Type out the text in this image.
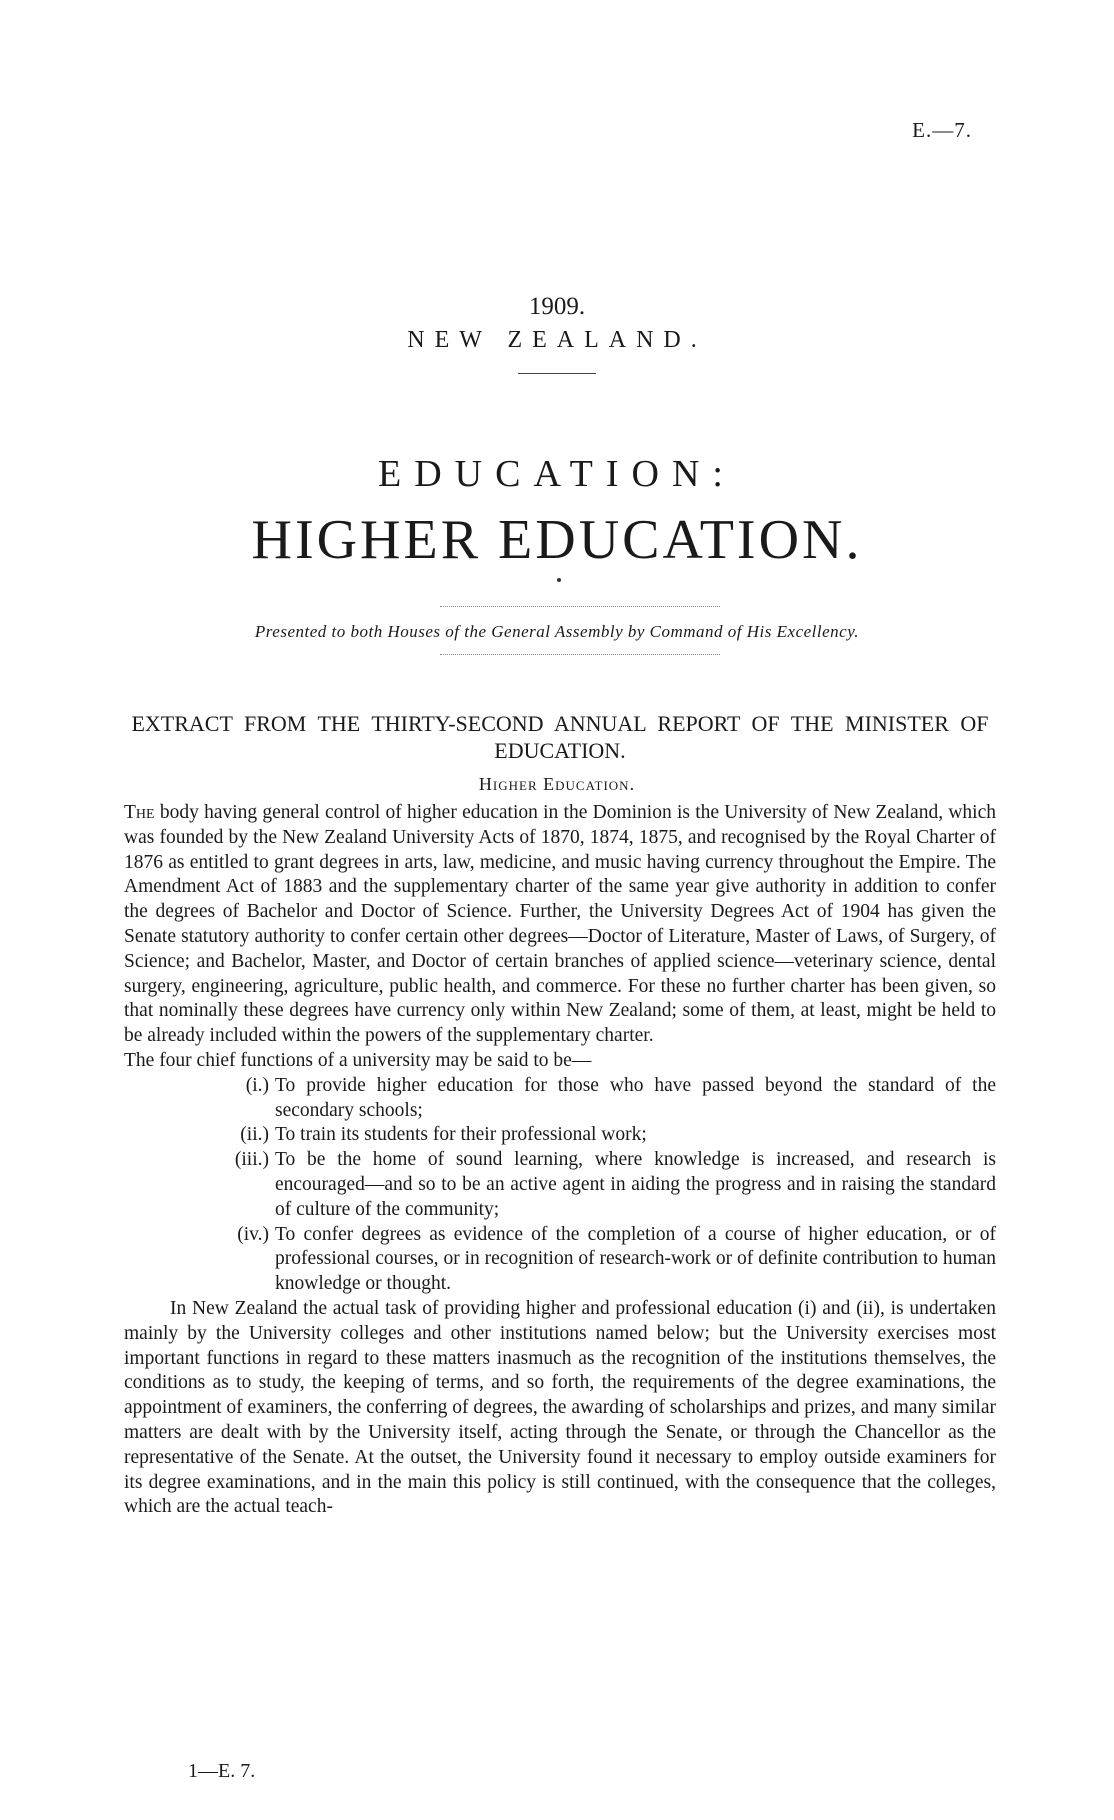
E.—7.
1909.
NEW ZEALAND.
EDUCATION:
HIGHER EDUCATION.
Presented to both Houses of the General Assembly by Command of His Excellency.
EXTRACT FROM THE THIRTY-SECOND ANNUAL REPORT OF THE MINISTER OF EDUCATION.
Higher Education.

The body having general control of higher education in the Dominion is the University of New Zealand, which was founded by the New Zealand University Acts of 1870, 1874, 1875, and recognised by the Royal Charter of 1876 as entitled to grant degrees in arts, law, medicine, and music having currency throughout the Empire. The Amendment Act of 1883 and the supplementary charter of the same year give authority in addition to confer the degrees of Bachelor and Doctor of Science. Further, the University Degrees Act of 1904 has given the Senate statutory authority to confer certain other degrees—Doctor of Literature, Master of Laws, of Surgery, of Science; and Bachelor, Master, and Doctor of certain branches of applied science—veterinary science, dental surgery, engineering, agriculture, public health, and commerce. For these no further charter has been given, so that nominally these degrees have currency only within New Zealand; some of them, at least, might be held to be already included within the powers of the supplementary charter.

The four chief functions of a university may be said to be—

(i.) To provide higher education for those who have passed beyond the standard of the secondary schools;
(ii.) To train its students for their professional work;
(iii.) To be the home of sound learning, where knowledge is increased, and research is encouraged—and so to be an active agent in aiding the progress and in raising the standard of culture of the community;
(iv.) To confer degrees as evidence of the completion of a course of higher education, or of professional courses, or in recognition of research-work or of definite contribution to human knowledge or thought.

In New Zealand the actual task of providing higher and professional education (i) and (ii), is undertaken mainly by the University colleges and other institutions named below; but the University exercises most important functions in regard to these matters inasmuch as the recognition of the institutions themselves, the conditions as to study, the keeping of terms, and so forth, the requirements of the degree examinations, the appointment of examiners, the conferring of degrees, the awarding of scholarships and prizes, and many similar matters are dealt with by the University itself, acting through the Senate, or through the Chancellor as the representative of the Senate. At the outset, the University found it necessary to employ outside examiners for its degree examinations, and in the main this policy is still continued, with the consequence that the colleges, which are the actual teach-

1—E. 7.
